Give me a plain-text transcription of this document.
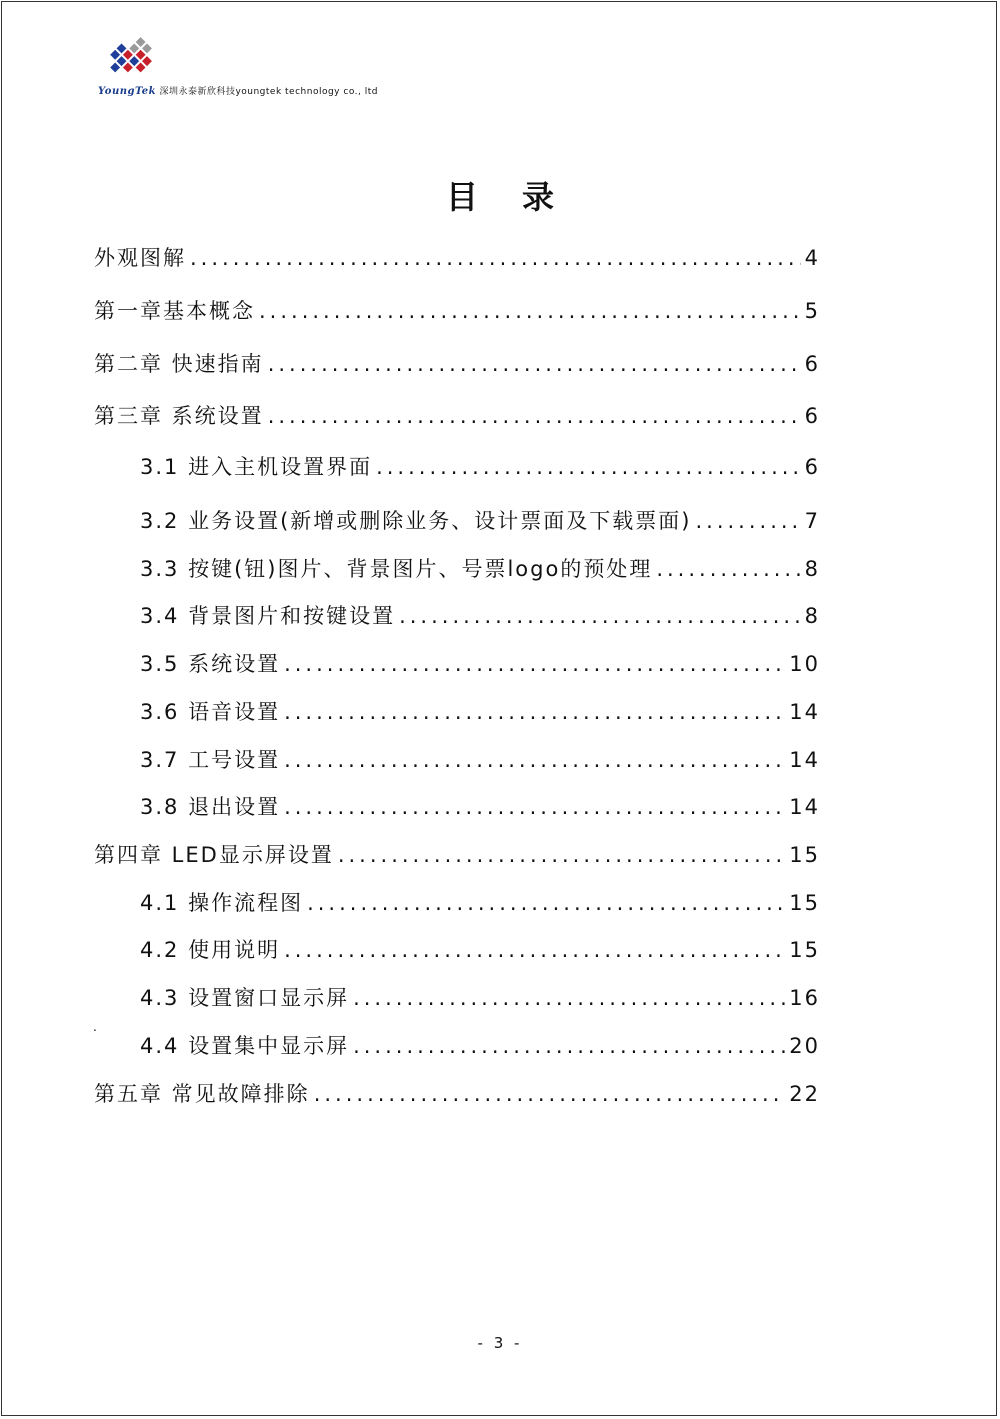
YoungTek 深圳永泰新欣科技youngtek technology co., ltd
目 录
外观图解 .....	4
第一章基本概念 .....	5
第二章 快速指南 .....	6
第三章 系统设置 .....	6
3.1 进入主机设置界面 .....	6
3.2 业务设置(新增或删除业务、设计票面及下载票面) .....	7
3.3 按键(钮)图片、背景图片、号票logo的预处理 .....	8
3.4 背景图片和按键设置 .....	8
3.5 系统设置 .....	10
3.6 语音设置 .....	14
3.7 工号设置 .....	14
3.8 退出设置 .....	14
第四章 LED显示屏设置 .....	15
4.1 操作流程图 .....	15
4.2 使用说明 .....	15
4.3 设置窗口显示屏 .....	16
.
4.4 设置集中显示屏 .....	20
第五章 常见故障排除 .....	22
- 3 -
